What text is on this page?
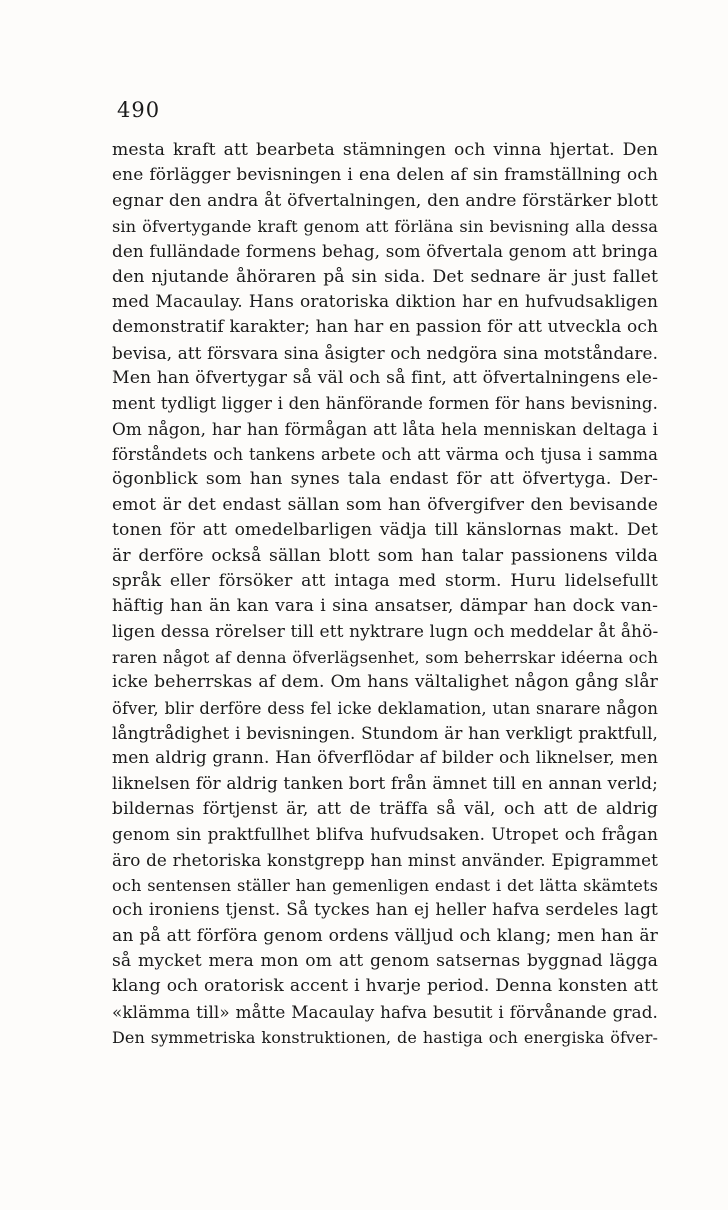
490
mesta kraft att bearbeta stämningen och vinna hjertat. Den
ene förlägger bevisningen i ena delen af sin framställning och
egnar den andra åt öfvertalningen, den andre förstärker blott
sin öfvertygande kraft genom att förläna sin bevisning alla dessa
den fulländade formens behag, som öfvertala genom att bringa
den njutande åhöraren på sin sida. Det sednare är just fallet
med Macaulay. Hans oratoriska diktion har en hufvudsakligen
demonstratif karakter; han har en passion för att utveckla och
bevisa, att försvara sina åsigter och nedgöra sina motståndare.
Men han öfvertygar så väl och så fint, att öfvertalningens ele-
ment tydligt ligger i den hänförande formen för hans bevisning.
Om någon, har han förmågan att låta hela menniskan deltaga i
förståndets och tankens arbete och att värma och tjusa i samma
ögonblick som han synes tala endast för att öfvertyga. Der-
emot är det endast sällan som han öfvergifver den bevisande
tonen för att omedelbarligen vädja till känslornas makt. Det
är derföre också sällan blott som han talar passionens vilda
språk eller försöker att intaga med storm. Huru lidelsefullt
häftig han än kan vara i sina ansatser, dämpar han dock van-
ligen dessa rörelser till ett nyktrare lugn och meddelar åt åhö-
raren något af denna öfverlägsenhet, som beherrskar idéerna och
icke beherrskas af dem. Om hans vältalighet någon gång slår
öfver, blir derföre dess fel icke deklamation, utan snarare någon
långtrådighet i bevisningen. Stundom är han verkligt praktfull,
men aldrig grann. Han öfverflödar af bilder och liknelser, men
liknelsen för aldrig tanken bort från ämnet till en annan verld;
bildernas förtjenst är, att de träffa så väl, och att de aldrig
genom sin praktfullhet blifva hufvudsaken. Utropet och frågan
äro de rhetoriska konstgrepp han minst använder. Epigrammet
och sentensen ställer han gemenligen endast i det lätta skämtets
och ironiens tjenst. Så tyckes han ej heller hafva serdeles lagt
an på att förföra genom ordens välljud och klang; men han är
så mycket mera mon om att genom satsernas byggnad lägga
klang och oratorisk accent i hvarje period. Denna konsten att
«klämma till» måtte Macaulay hafva besutit i förvånande grad.
Den symmetriska konstruktionen, de hastiga och energiska öfver-
